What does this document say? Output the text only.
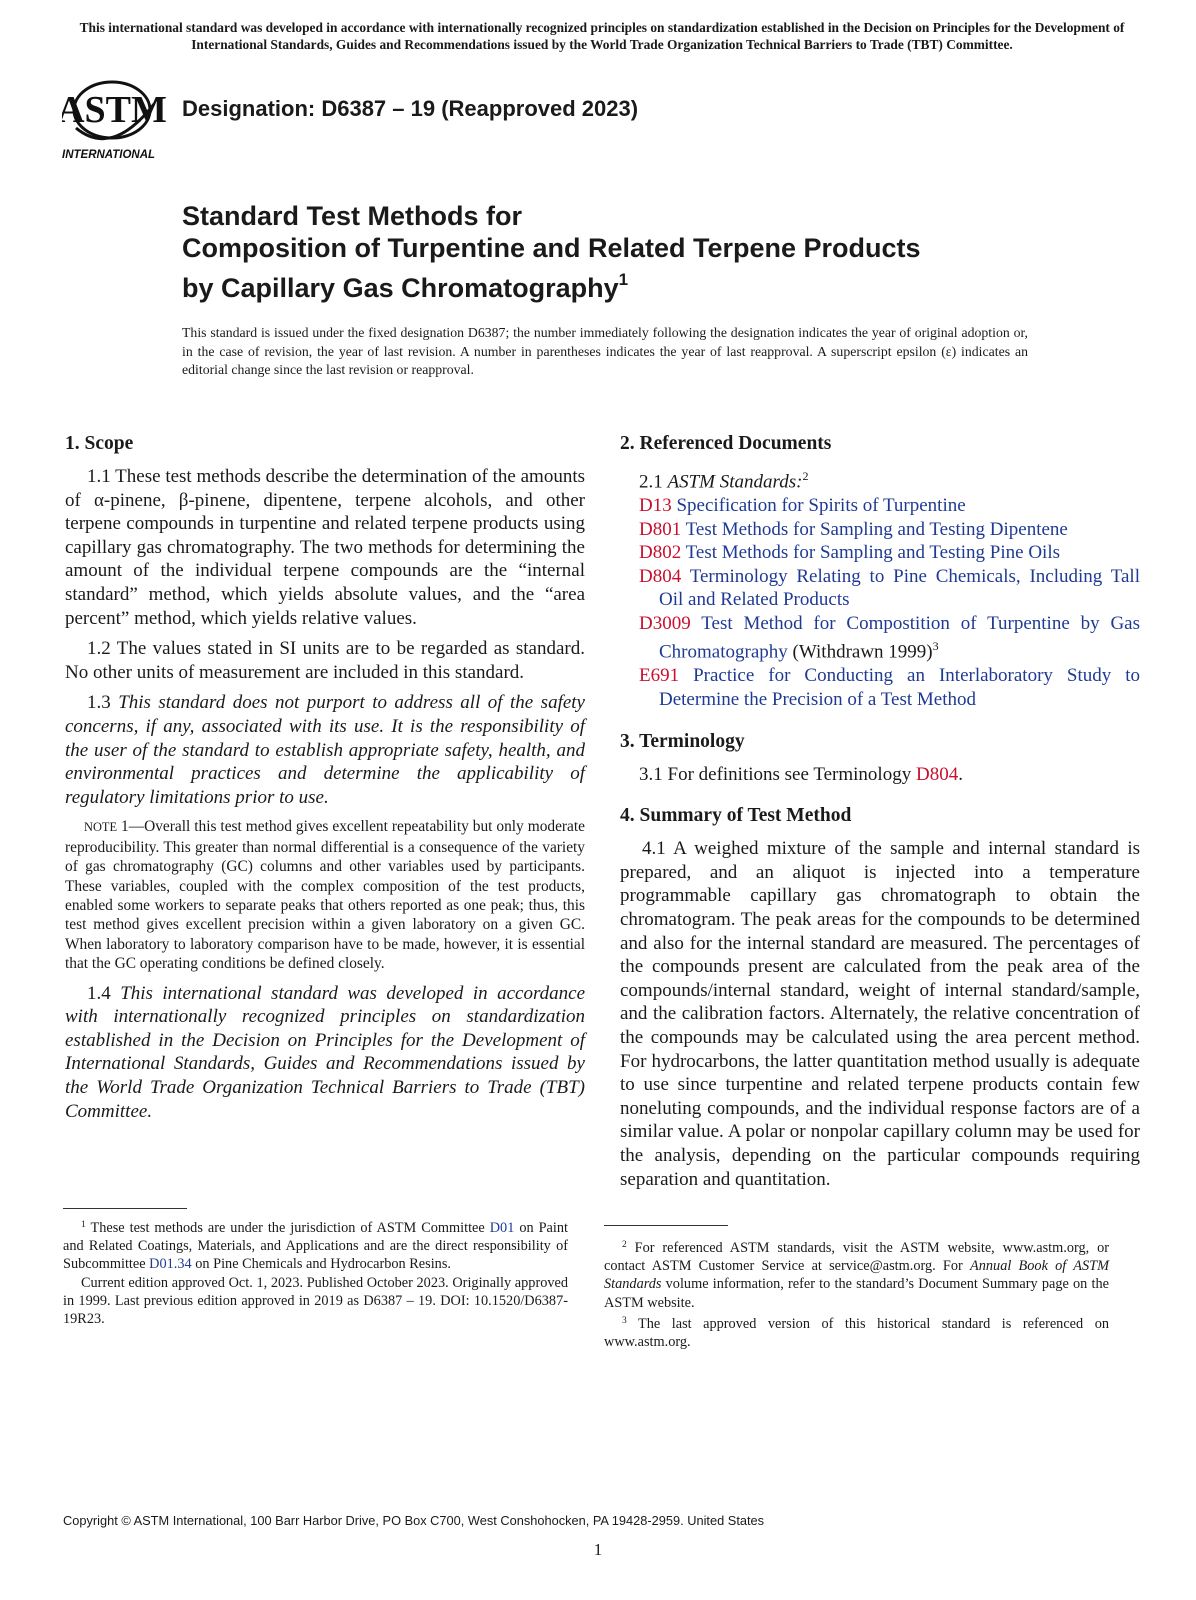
This international standard was developed in accordance with internationally recognized principles on standardization established in the Decision on Principles for the Development of International Standards, Guides and Recommendations issued by the World Trade Organization Technical Barriers to Trade (TBT) Committee.
ASTM
INTERNATIONAL
Designation: D6387 – 19 (Reapproved 2023)
Standard Test Methods for
Composition of Turpentine and Related Terpene Products
by Capillary Gas Chromatography$^1$
This standard is issued under the fixed designation D6387; the number immediately following the designation indicates the year of original adoption or, in the case of revision, the year of last revision. A number in parentheses indicates the year of last reapproval. A superscript epsilon (ε) indicates an editorial change since the last revision or reapproval.
1. Scope

1.1 These test methods describe the determination of the amounts of α-pinene, β-pinene, dipentene, terpene alcohols, and other terpene compounds in turpentine and related terpene products using capillary gas chromatography. The two methods for determining the amount of the individual terpene compounds are the “internal standard” method, which yields absolute values, and the “area percent” method, which yields relative values.

1.2 The values stated in SI units are to be regarded as standard. No other units of measurement are included in this standard.

1.3 This standard does not purport to address all of the safety concerns, if any, associated with its use. It is the responsibility of the user of the standard to establish appropriate safety, health, and environmental practices and determine the applicability of regulatory limitations prior to use.

NOTE 1—Overall this test method gives excellent repeatability but only moderate reproducibility. This greater than normal differential is a consequence of the variety of gas chromatography (GC) columns and other variables used by participants. These variables, coupled with the complex composition of the test products, enabled some workers to separate peaks that others reported as one peak; thus, this test method gives excellent precision within a given laboratory on a given GC. When laboratory to laboratory comparison have to be made, however, it is essential that the GC operating conditions be defined closely.

1.4 This international standard was developed in accordance with internationally recognized principles on standardization established in the Decision on Principles for the Development of International Standards, Guides and Recommendations issued by the World Trade Organization Technical Barriers to Trade (TBT) Committee.

2. Referenced Documents

2.1 ASTM Standards:$^2$

D13 Specification for Spirits of Turpentine

D801 Test Methods for Sampling and Testing Dipentene

D802 Test Methods for Sampling and Testing Pine Oils

D804 Terminology Relating to Pine Chemicals, Including Tall Oil and Related Products

D3009 Test Method for Compostition of Turpentine by Gas Chromatography (Withdrawn 1999)$^3$

E691 Practice for Conducting an Interlaboratory Study to Determine the Precision of a Test Method

3. Terminology

3.1 For definitions see Terminology D804.

4. Summary of Test Method

4.1 A weighed mixture of the sample and internal standard is prepared, and an aliquot is injected into a temperature programmable capillary gas chromatograph to obtain the chromatogram. The peak areas for the compounds to be determined and also for the internal standard are measured. The percentages of the compounds present are calculated from the peak area of the compounds/internal standard, weight of internal standard/sample, and the calibration factors. Alternately, the relative concentration of the compounds may be calculated using the area percent method. For hydrocarbons, the latter quantitation method usually is adequate to use since turpentine and related terpene products contain few noneluting compounds, and the individual response factors are of a similar value. A polar or nonpolar capillary column may be used for the analysis, depending on the particular compounds requiring separation and quantitation.

$^1$ These test methods are under the jurisdiction of ASTM Committee D01 on Paint and Related Coatings, Materials, and Applications and are the direct responsibility of Subcommittee D01.34 on Pine Chemicals and Hydrocarbon Resins.

Current edition approved Oct. 1, 2023. Published October 2023. Originally approved in 1999. Last previous edition approved in 2019 as D6387 – 19. DOI: 10.1520/D6387-19R23.

$^2$ For referenced ASTM standards, visit the ASTM website, www.astm.org, or contact ASTM Customer Service at service@astm.org. For Annual Book of ASTM Standards volume information, refer to the standard’s Document Summary page on the ASTM website.

$^3$ The last approved version of this historical standard is referenced on www.astm.org.

Copyright © ASTM International, 100 Barr Harbor Drive, PO Box C700, West Conshohocken, PA 19428-2959. United States
1
